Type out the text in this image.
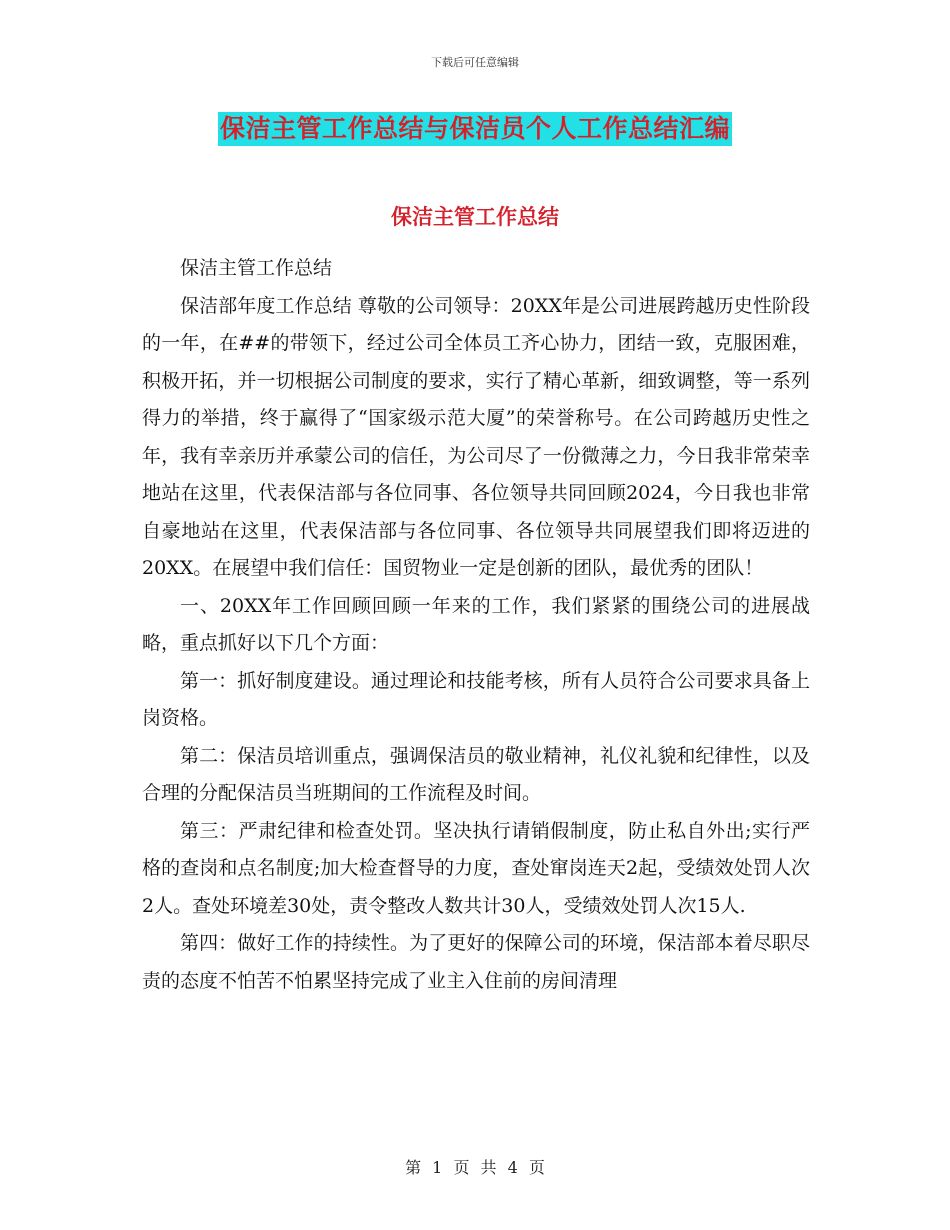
下载后可任意编辑
保洁主管工作总结与保洁员个人工作总结汇编
保洁主管工作总结

保洁主管工作总结

保洁部年度工作总结 尊敬的公司领导：20XX年是公司进展跨越历史性阶段的一年，在##的带领下，经过公司全体员工齐心协力，团结一致，克服困难，积极开拓，并一切根据公司制度的要求，实行了精心革新，细致调整，等一系列得力的举措，终于赢得了“国家级示范大厦”的荣誉称号。在公司跨越历史性之年，我有幸亲历并承蒙公司的信任，为公司尽了一份微薄之力，今日我非常荣幸地站在这里，代表保洁部与各位同事、各位领导共同回顾2024，今日我也非常自豪地站在这里，代表保洁部与各位同事、各位领导共同展望我们即将迈进的20XX。在展望中我们信任：国贸物业一定是创新的团队，最优秀的团队！

一、20XX年工作回顾回顾一年来的工作，我们紧紧的围绕公司的进展战略，重点抓好以下几个方面：

第一：抓好制度建设。通过理论和技能考核，所有人员符合公司要求具备上岗资格。

第二：保洁员培训重点，强调保洁员的敬业精神，礼仪礼貌和纪律性，以及合理的分配保洁员当班期间的工作流程及时间。

第三：严肃纪律和检查处罚。坚决执行请销假制度，防止私自外出;实行严格的查岗和点名制度;加大检查督导的力度，查处窜岗连天2起，受绩效处罚人次2人。查处环境差30处，责令整改人数共计30人，受绩效处罚人次15人.

第四：做好工作的持续性。为了更好的保障公司的环境，保洁部本着尽职尽责的态度不怕苦不怕累坚持完成了业主入住前的房间清理

第 1 页 共 4 页
